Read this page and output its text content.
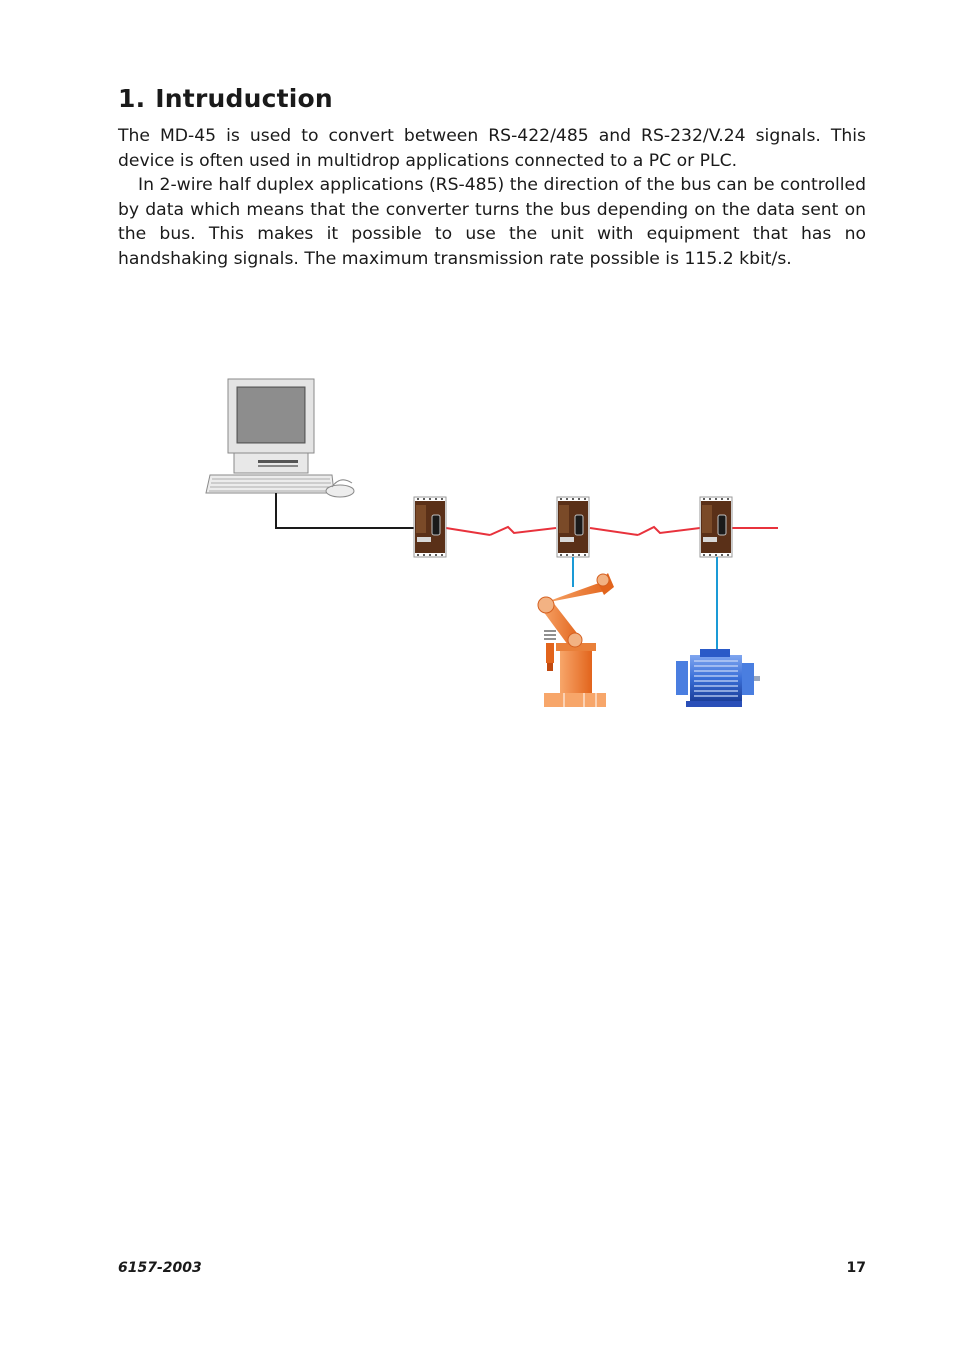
1. Intruduction

The MD-45 is used to convert between RS-422/485 and RS-232/V.24 signals. This device is often used in multidrop applications connected to a PC or PLC.

In 2-wire half duplex applications (RS-485) the direction of the bus can be controlled by data which means that the converter turns the bus depending on the data sent on the bus. This makes it possible to use the unit with equipment that has no handshaking signals. The maximum transmission rate possible is 115.2 kbit/s.

6157-2003	17
